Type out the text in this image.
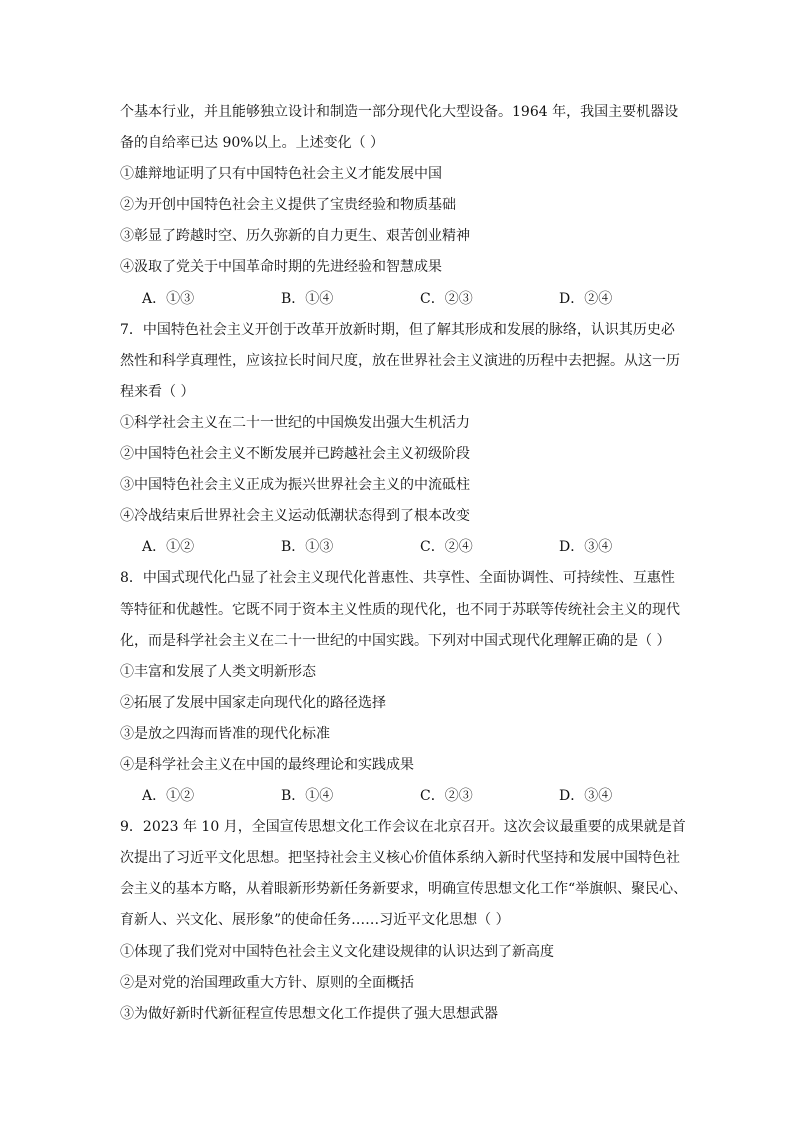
个基本行业，并且能够独立设计和制造一部分现代化大型设备。1964 年，我国主要机器设
备的自给率已达 90%以上。上述变化（ ）
①雄辩地证明了只有中国特色社会主义才能发展中国
②为开创中国特色社会主义提供了宝贵经验和物质基础
③彰显了跨越时空、历久弥新的自力更生、艰苦创业精神
④汲取了党关于中国革命时期的先进经验和智慧成果
A．①③	B．①④	C．②③	D．②④
7．中国特色社会主义开创于改革开放新时期，但了解其形成和发展的脉络，认识其历史必
然性和科学真理性，应该拉长时间尺度，放在世界社会主义演进的历程中去把握。从这一历
程来看（ ）
①科学社会主义在二十一世纪的中国焕发出强大生机活力
②中国特色社会主义不断发展并已跨越社会主义初级阶段
③中国特色社会主义正成为振兴世界社会主义的中流砥柱
④冷战结束后世界社会主义运动低潮状态得到了根本改变
A．①②	B．①③	C．②④	D．③④
8．中国式现代化凸显了社会主义现代化普惠性、共享性、全面协调性、可持续性、互惠性
等特征和优越性。它既不同于资本主义性质的现代化，也不同于苏联等传统社会主义的现代
化，而是科学社会主义在二十一世纪的中国实践。下列对中国式现代化理解正确的是（ ）
①丰富和发展了人类文明新形态
②拓展了发展中国家走向现代化的路径选择
③是放之四海而皆准的现代化标准
④是科学社会主义在中国的最终理论和实践成果
A．①②	B．①④	C．②③	D．③④
9．2023 年 10 月，全国宣传思想文化工作会议在北京召开。这次会议最重要的成果就是首
次提出了习近平文化思想。把坚持社会主义核心价值体系纳入新时代坚持和发展中国特色社
会主义的基本方略，从着眼新形势新任务新要求，明确宣传思想文化工作“举旗帜、聚民心、
育新人、兴文化、展形象”的使命任务……习近平文化思想（ ）
①体现了我们党对中国特色社会主义文化建设规律的认识达到了新高度
②是对党的治国理政重大方针、原则的全面概括
③为做好新时代新征程宣传思想文化工作提供了强大思想武器
